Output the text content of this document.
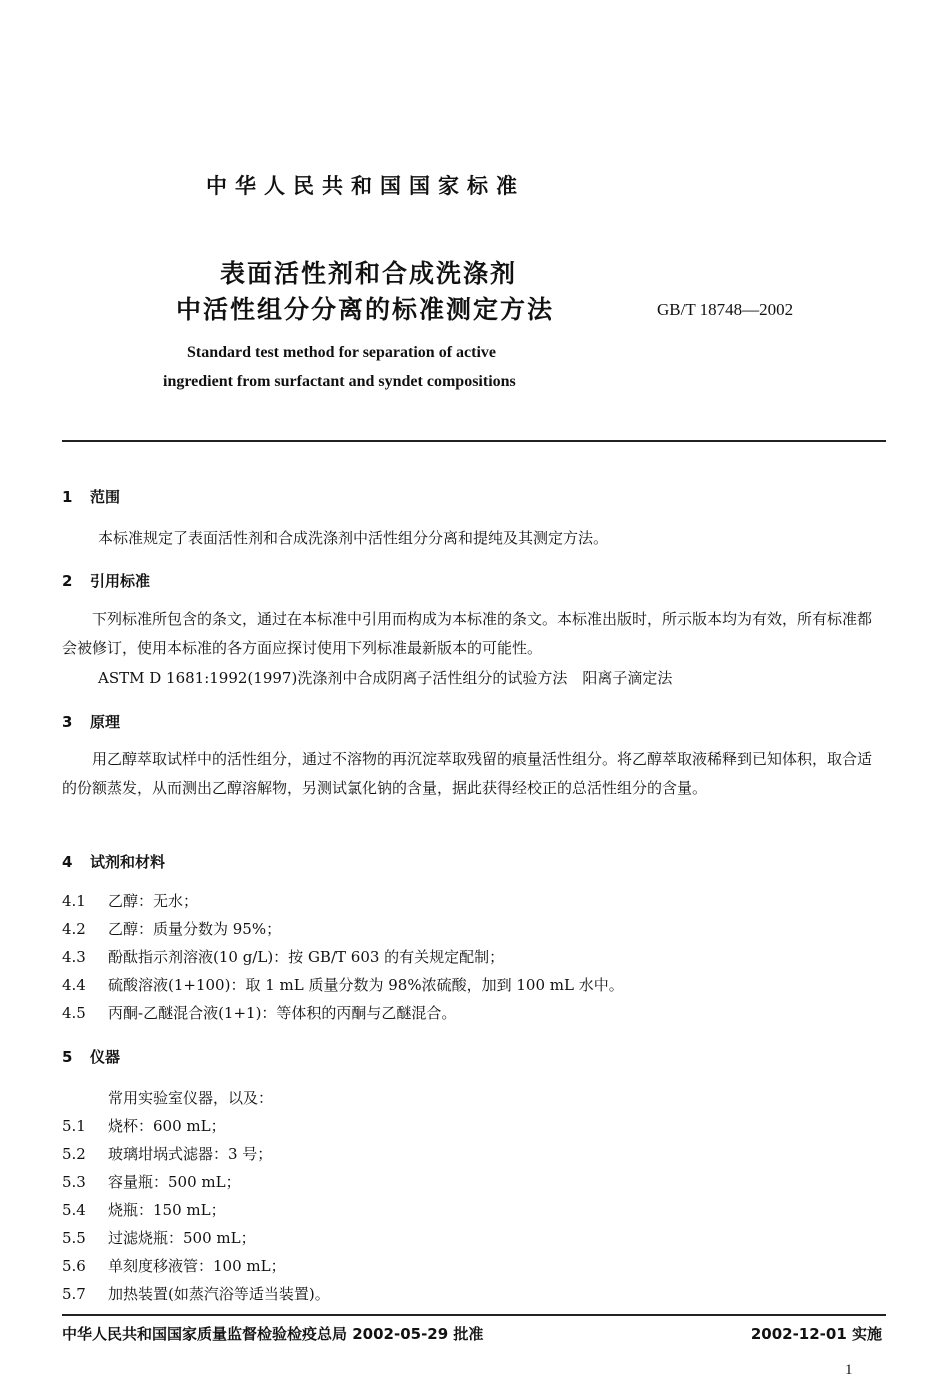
中华人民共和国国家标准
表面活性剂和合成洗涤剂
中活性组分分离的标准测定方法	GB/T 18748—2002
Standard test method for separation of active
ingredient from surfactant and syndet compositions
1 范围
本标准规定了表面活性剂和合成洗涤剂中活性组分分离和提纯及其测定方法。
2 引用标准
下列标准所包含的条文，通过在本标准中引用而构成为本标准的条文。本标准出版时，所示版本均为有效，所有标准都会被修订，使用本标准的各方面应探讨使用下列标准最新版本的可能性。
ASTM D 1681:1992(1997)洗涤剂中合成阴离子活性组分的试验方法　阳离子滴定法
3 原理
用乙醇萃取试样中的活性组分，通过不溶物的再沉淀萃取残留的痕量活性组分。将乙醇萃取液稀释到已知体积，取合适的份额蒸发，从而测出乙醇溶解物，另测试氯化钠的含量，据此获得经校正的总活性组分的含量。
4 试剂和材料
4.1 乙醇：无水；
4.2 乙醇：质量分数为 95%；
4.3 酚酞指示剂溶液(10 g/L)：按 GB/T 603 的有关规定配制；
4.4 硫酸溶液(1+100)：取 1 mL 质量分数为 98%浓硫酸，加到 100 mL 水中。
4.5 丙酮-乙醚混合液(1+1)：等体积的丙酮与乙醚混合。
5 仪器
常用实验室仪器，以及：
5.1 烧杯：600 mL；
5.2 玻璃坩埚式滤器：3 号；
5.3 容量瓶：500 mL；
5.4 烧瓶：150 mL；
5.5 过滤烧瓶：500 mL；
5.6 单刻度移液管：100 mL；
5.7 加热装置(如蒸汽浴等适当装置)。
中华人民共和国国家质量监督检验检疫总局 2002-05-29 批准	2002-12-01 实施
1
